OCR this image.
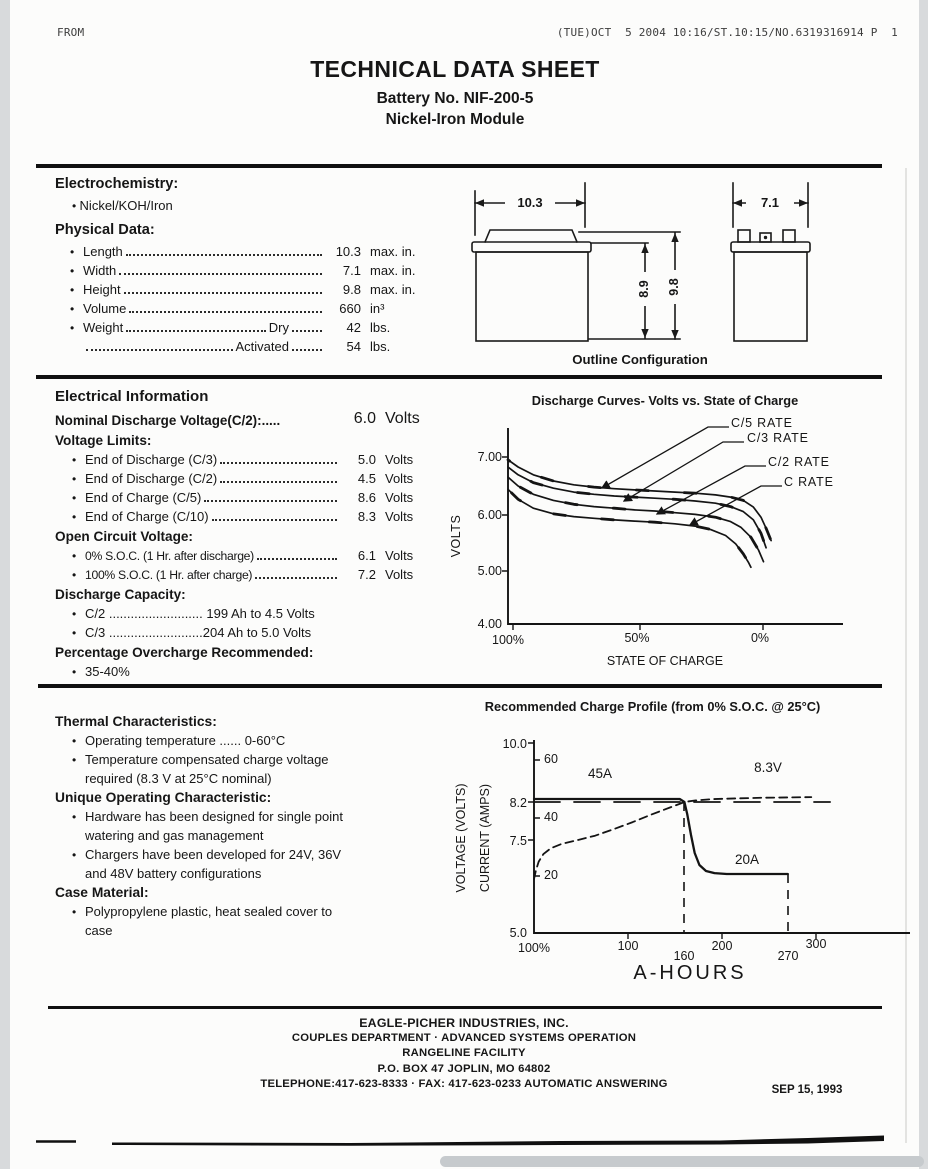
FROM	(TUE)OCT  5 2004 10:16/ST.10:15/NO.6319316914 P  1
TECHNICAL DATA SHEET
Battery No. NIF-200-5
Nickel-Iron Module
Electrochemistry:
• Nickel/KOH/Iron
Physical Data:
• Length	10.3 max. in.
• Width	7.1 max. in.
• Height	9.8 max. in.
• Volume	660 in³
• Weight	Dry	42 lbs.
Activated	54 lbs.
10.3	7.1
8.9 9.8
Outline Configuration
Electrical Information
Nominal Discharge Voltage(C/2):.....	6.0 Volts
Voltage Limits:
• End of Discharge (C/3)	5.0 Volts
• End of Discharge (C/2)	4.5 Volts
• End of Charge (C/5)	8.6 Volts
• End of Charge (C/10)	8.3 Volts
Open Circuit Voltage:
• 0% S.O.C. (1 Hr. after discharge)	6.1 Volts
• 100% S.O.C. (1 Hr. after charge)	7.2 Volts
Discharge Capacity:
• C/2 .......................... 199 Ah to 4.5 Volts
• C/3 ..........................204 Ah to 5.0 Volts
Percentage Overcharge Recommended:
• 35-40%
Discharge Curves- Volts vs. State of Charge
7.00
6.00
5.00
4.00
100%	50%	0%
STATE OF CHARGE
VOLTS
C/5 RATE
C/3 RATE
C/2 RATE
C RATE
Thermal Characteristics:
• Operating temperature ...... 0-60°C
• Temperature compensated charge voltage
required (8.3 V at 25°C nominal)
Unique Operating Characteristic:
• Hardware has been designed for single point
watering and gas management
• Chargers have been developed for 24V, 36V
and 48V battery configurations
Case Material:
• Polypropylene plastic, heat sealed cover to
case
Recommended Charge Profile (from 0% S.O.C. @ 25°C)
10.0
8.2
7.5
5.0
60
40
20
100%	100
160
200
270
300
A-HOURS
VOLTAGE (VOLTS) CURRENT (AMPS)
45A	8.3V
20A
EAGLE-PICHER INDUSTRIES, INC.
COUPLES DEPARTMENT · ADVANCED SYSTEMS OPERATION
RANGELINE FACILITY
P.O. BOX 47 JOPLIN, MO 64802
TELEPHONE:417-623-8333 · FAX: 417-623-0233 AUTOMATIC ANSWERING
SEP 15, 1993
